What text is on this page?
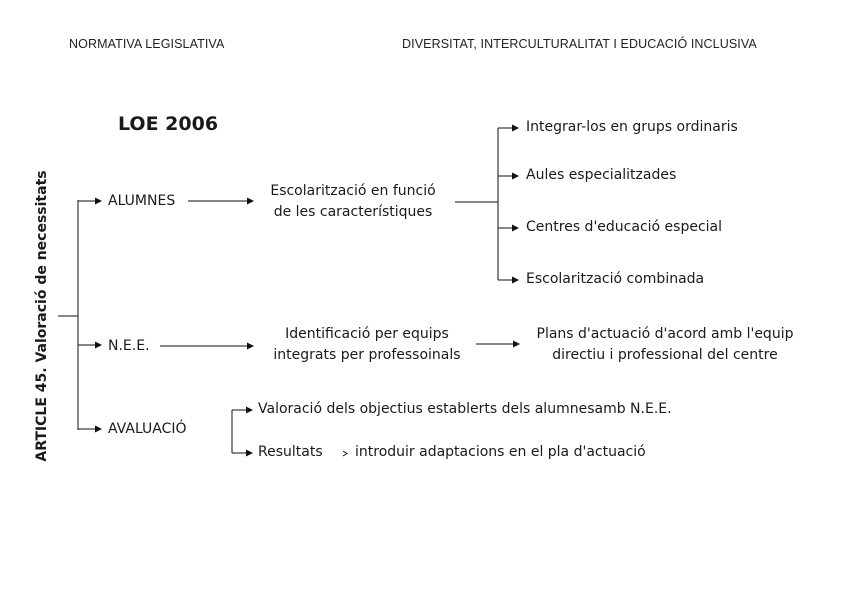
NORMATIVA LEGISLATIVA	DIVERSITAT, INTERCULTURALITAT I EDUCACIÓ INCLUSIVA
ARTICLE 45. Valoració de necessitats
LOE 2006
ALUMNES
Escolarització en funció
de les característiques
Integrar-los en grups ordinaris
Aules especialitzades
Centres d'educació especial
Escolarització combinada
N.E.E.
Identificació per equips
integrats per professoinals
Plans d'actuació d'acord amb l'equip
directiu i professional del centre
AVALUACIÓ
Valoració dels objectius establerts dels alumnesamb N.E.E.
Resultats introduir adaptacions en el pla d'actuació
